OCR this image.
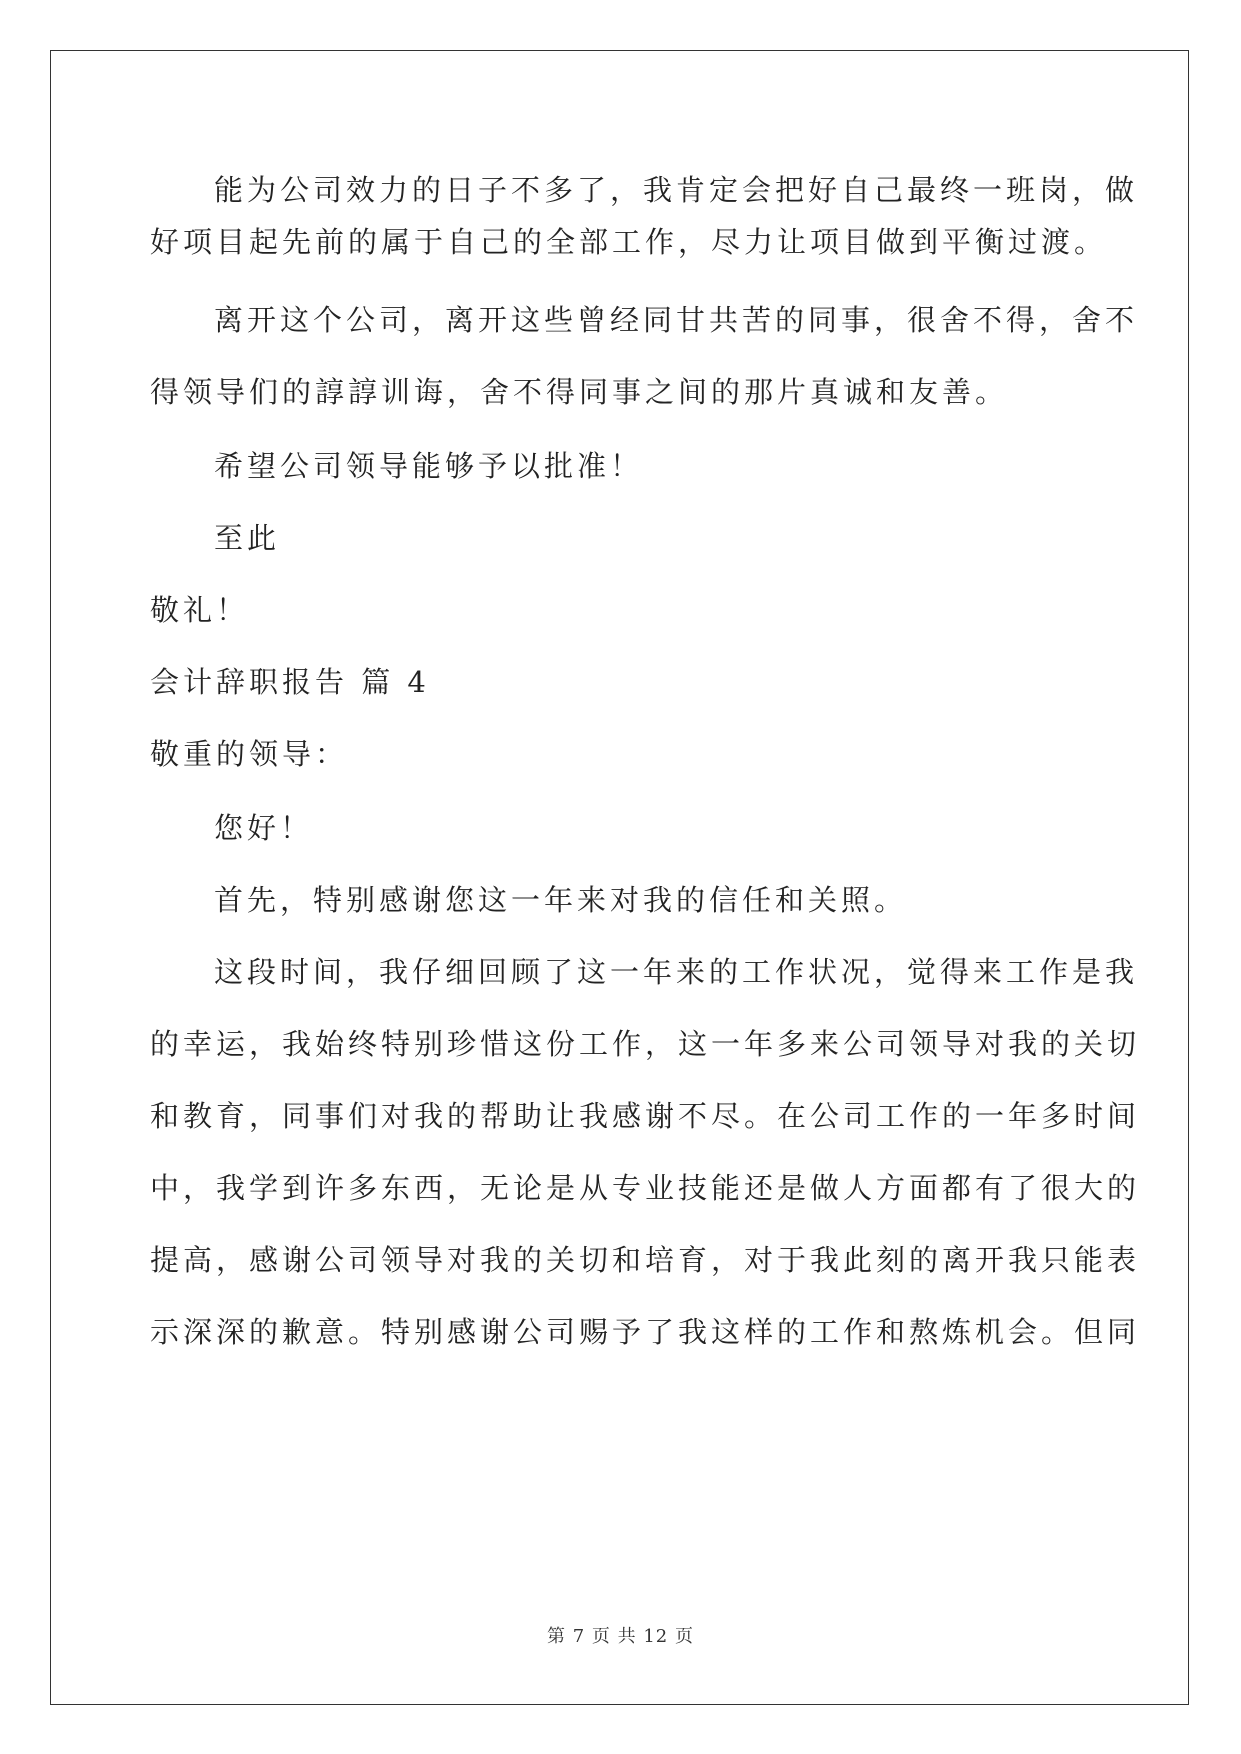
能为公司效力的日子不多了，我肯定会把好自己最终一班岗，做
好项目起先前的属于自己的全部工作，尽力让项目做到平衡过渡。
离开这个公司，离开这些曾经同甘共苦的同事，很舍不得，舍不
得领导们的諄諄训诲，舍不得同事之间的那片真诚和友善。
希望公司领导能够予以批准！
至此
敬礼！
会计辞职报告 篇 4
敬重的领导：
您好！
首先，特别感谢您这一年来对我的信任和关照。
这段时间，我仔细回顾了这一年来的工作状况，觉得来工作是我
的幸运，我始终特别珍惜这份工作，这一年多来公司领导对我的关切
和教育，同事们对我的帮助让我感谢不尽。在公司工作的一年多时间
中，我学到许多东西，无论是从专业技能还是做人方面都有了很大的
提高，感谢公司领导对我的关切和培育，对于我此刻的离开我只能表
示深深的歉意。特别感谢公司赐予了我这样的工作和熬炼机会。但同
第 7 页 共 12 页
